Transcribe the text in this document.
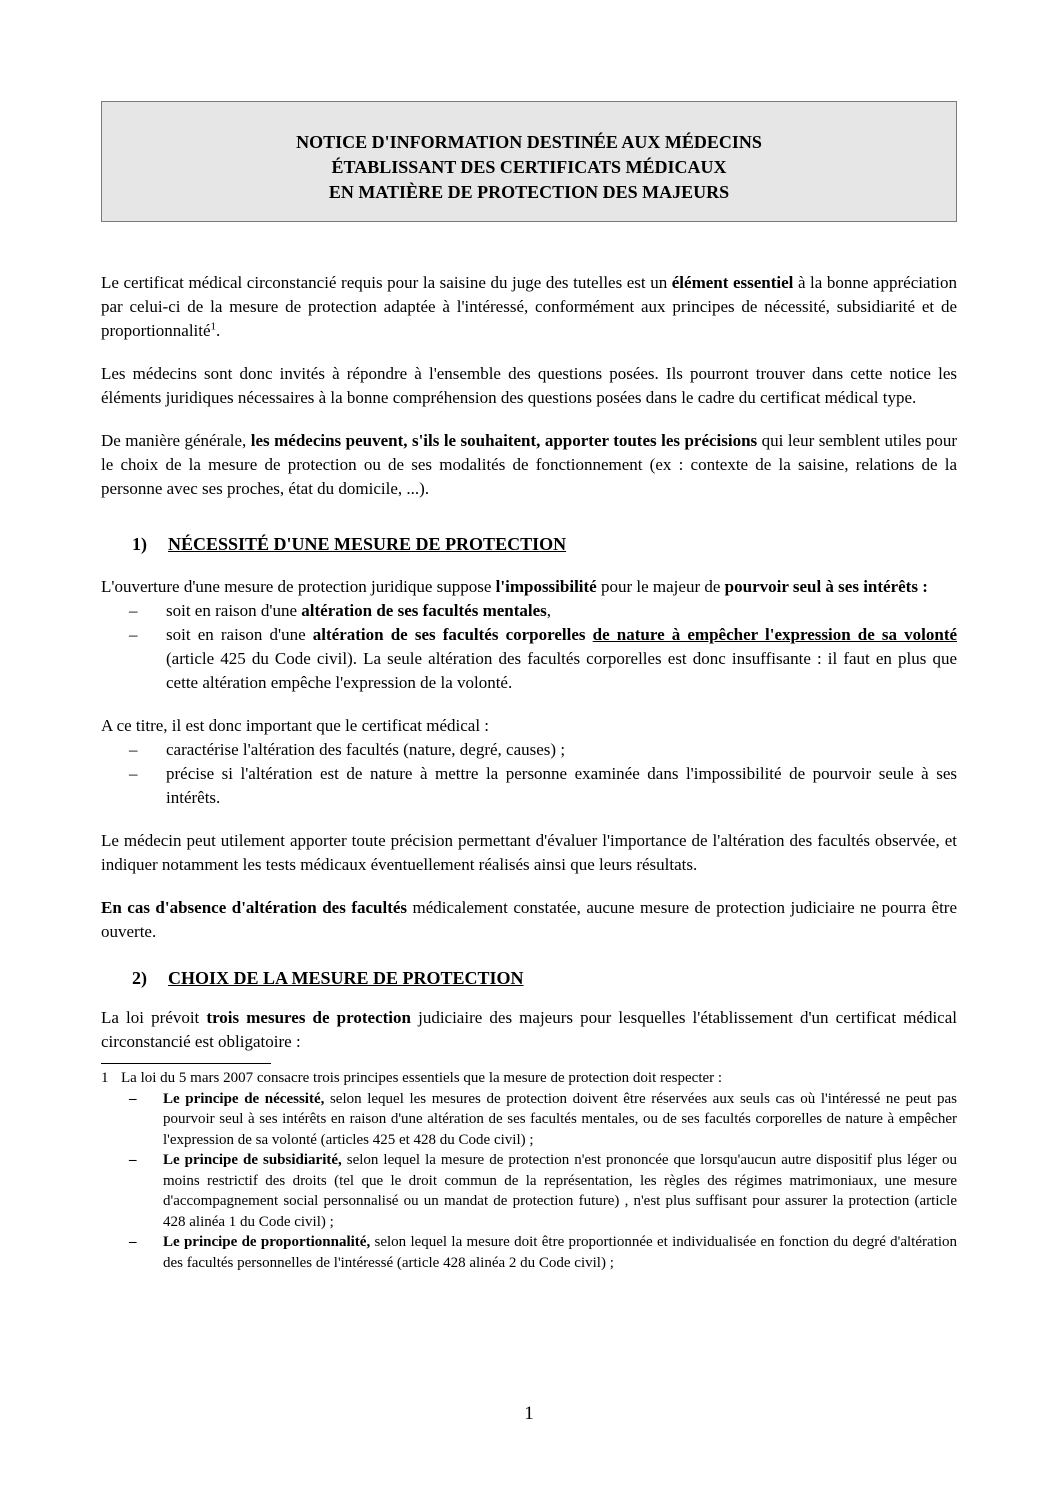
NOTICE D'INFORMATION DESTINÉE AUX MÉDECINS
ÉTABLISSANT DES CERTIFICATS MÉDICAUX
EN MATIÈRE DE PROTECTION DES MAJEURS

Le certificat médical circonstancié requis pour la saisine du juge des tutelles est un élément essentiel à la bonne appréciation par celui-ci de la mesure de protection adaptée à l'intéressé, conformément aux principes de nécessité, subsidiarité et de proportionnalité$^1$.

Les médecins sont donc invités à répondre à l'ensemble des questions posées. Ils pourront trouver dans cette notice les éléments juridiques nécessaires à la bonne compréhension des questions posées dans le cadre du certificat médical type.

De manière générale, les médecins peuvent, s'ils le souhaitent, apporter toutes les précisions qui leur semblent utiles pour le choix de la mesure de protection ou de ses modalités de fonctionnement (ex : contexte de la saisine, relations de la personne avec ses proches, état du domicile, ...).

1) NÉCESSITÉ D'UNE MESURE DE PROTECTION

L'ouverture d'une mesure de protection juridique suppose l'impossibilité pour le majeur de pourvoir seul à ses intérêts :

– soit en raison d'une altération de ses facultés mentales,
– soit en raison d'une altération de ses facultés corporelles de nature à empêcher l'expression de sa volonté (article 425 du Code civil). La seule altération des facultés corporelles est donc insuffisante : il faut en plus que cette altération empêche l'expression de la volonté.

A ce titre, il est donc important que le certificat médical :

– caractérise l'altération des facultés (nature, degré, causes) ;
– précise si l'altération est de nature à mettre la personne examinée dans l'impossibilité de pourvoir seule à ses intérêts.

Le médecin peut utilement apporter toute précision permettant d'évaluer l'importance de l'altération des facultés observée, et indiquer notamment les tests médicaux éventuellement réalisés ainsi que leurs résultats.

En cas d'absence d'altération des facultés médicalement constatée, aucune mesure de protection judiciaire ne pourra être ouverte.

2) CHOIX DE LA MESURE DE PROTECTION

La loi prévoit trois mesures de protection judiciaire des majeurs pour lesquelles l'établissement d'un certificat médical circonstancié est obligatoire :

1 La loi du 5 mars 2007 consacre trois principes essentiels que la mesure de protection doit respecter :
– Le principe de nécessité, selon lequel les mesures de protection doivent être réservées aux seuls cas où l'intéressé ne peut pas pourvoir seul à ses intérêts en raison d'une altération de ses facultés mentales, ou de ses facultés corporelles de nature à empêcher l'expression de sa volonté (articles 425 et 428 du Code civil) ;
– Le principe de subsidiarité, selon lequel la mesure de protection n'est prononcée que lorsqu'aucun autre dispositif plus léger ou moins restrictif des droits (tel que le droit commun de la représentation, les règles des régimes matrimoniaux, une mesure d'accompagnement social personnalisé ou un mandat de protection future) , n'est plus suffisant pour assurer la protection (article 428 alinéa 1 du Code civil) ;
– Le principe de proportionnalité, selon lequel la mesure doit être proportionnée et individualisée en fonction du degré d'altération des facultés personnelles de l'intéressé (article 428 alinéa 2 du Code civil) ;
1
